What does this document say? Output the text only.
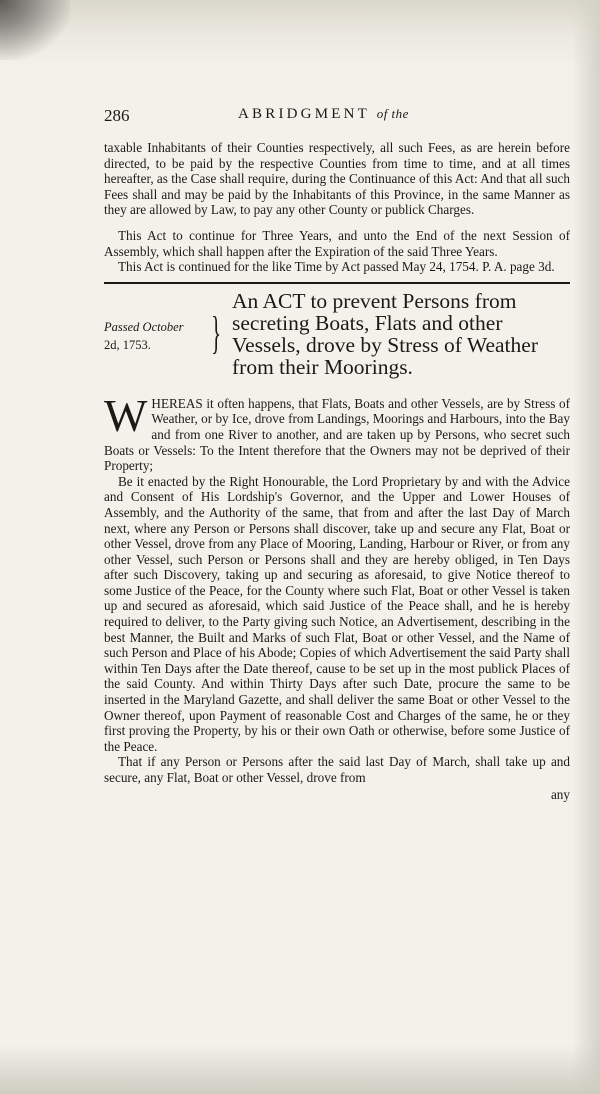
286	ABRIDGMENT of the

taxable Inhabitants of their Counties respectively, all such Fees, as are herein before directed, to be paid by the respective Counties from time to time, and at all times hereafter, as the Case shall require, during the Continuance of this Act: And that all such Fees shall and may be paid by the Inhabitants of this Province, in the same Manner as they are allowed by Law, to pay any other County or publick Charges.

This Act to continue for Three Years, and unto the End of the next Session of Assembly, which shall happen after the Expiration of the said Three Years.

This Act is continued for the like Time by Act passed May 24, 1754. P. A. page 3d.

Passed October
2d, 1753.	}
An ACT to prevent Persons from secreting Boats, Flats and other Vessels, drove by Stress of Weather from their Moorings.

W HEREAS it often happens, that Flats, Boats and other Vessels, are by Stress of Weather, or by Ice, drove from Landings, Moorings and Harbours, into the Bay and from one River to another, and are taken up by Persons, who secret such Boats or Vessels: To the Intent therefore that the Owners may not be deprived of their Property;

Be it enacted by the Right Honourable, the Lord Proprietary by and with the Advice and Consent of His Lordship's Governor, and the Upper and Lower Houses of Assembly, and the Authority of the same, that from and after the last Day of March next, where any Person or Persons shall discover, take up and secure any Flat, Boat or other Vessel, drove from any Place of Mooring, Landing, Harbour or River, or from any other Vessel, such Person or Persons shall and they are hereby obliged, in Ten Days after such Discovery, taking up and securing as aforesaid, to give Notice thereof to some Justice of the Peace, for the County where such Flat, Boat or other Vessel is taken up and secured as aforesaid, which said Justice of the Peace shall, and he is hereby required to deliver, to the Party giving such Notice, an Advertisement, describing in the best Manner, the Built and Marks of such Flat, Boat or other Vessel, and the Name of such Person and Place of his Abode; Copies of which Advertisement the said Party shall within Ten Days after the Date thereof, cause to be set up in the most publick Places of the said County. And within Thirty Days after such Date, procure the same to be inserted in the Maryland Gazette, and shall deliver the same Boat or other Vessel to the Owner thereof, upon Payment of reasonable Cost and Charges of the same, he or they first proving the Property, by his or their own Oath or otherwise, before some Justice of the Peace.

That if any Person or Persons after the said last Day of March, shall take up and secure, any Flat, Boat or other Vessel, drove from

any
